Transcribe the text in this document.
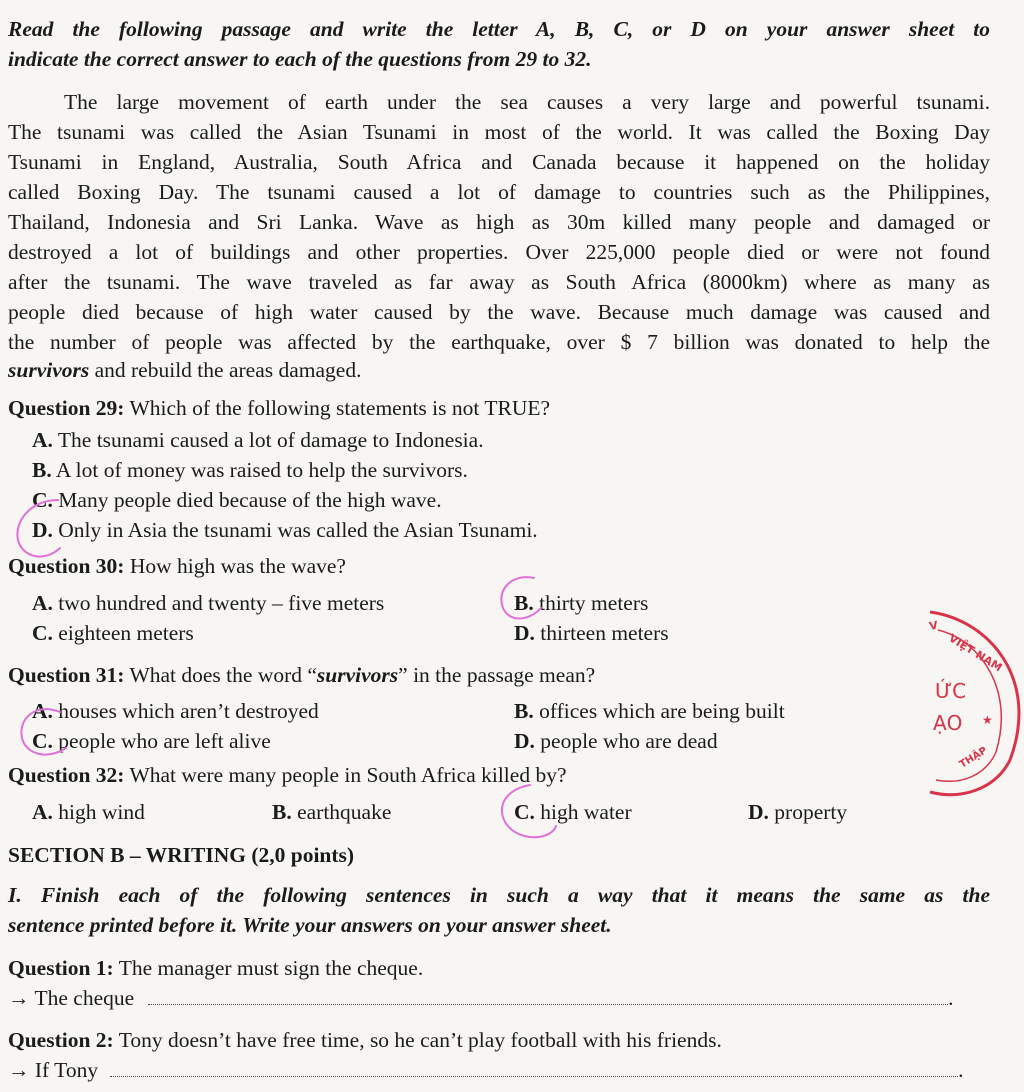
Read the following passage and write the letter A, B, C, or D on your answer sheet to
indicate the correct answer to each of the questions from 29 to 32.
The large movement of earth under the sea causes a very large and powerful tsunami.
The tsunami was called the Asian Tsunami in most of the world. It was called the Boxing Day
Tsunami in England, Australia, South Africa and Canada because it happened on the holiday
called Boxing Day. The tsunami caused a lot of damage to countries such as the Philippines,
Thailand, Indonesia and Sri Lanka. Wave as high as 30m killed many people and damaged or
destroyed a lot of buildings and other properties. Over 225,000 people died or were not found
after the tsunami. The wave traveled as far away as South Africa (8000km) where as many as
people died because of high water caused by the wave. Because much damage was caused and
the number of people was affected by the earthquake, over $ 7 billion was donated to help the
survivors and rebuild the areas damaged.
Question 29: Which of the following statements is not TRUE?
A. The tsunami caused a lot of damage to Indonesia.
B. A lot of money was raised to help the survivors.
C. Many people died because of the high wave.
D. Only in Asia the tsunami was called the Asian Tsunami.
Question 30: How high was the wave?
A. two hundred and twenty – five meters	B. thirty meters
C. eighteen meters	D. thirteen meters
Question 31: What does the word “survivors” in the passage mean?
A. houses which aren’t destroyed	B. offices which are being built
C. people who are left alive	D. people who are dead
Question 32: What were many people in South Africa killed by?
A. high wind	B. earthquake	C. high water	D. property
SECTION B – WRITING (2,0 points)
I. Finish each of the following sentences in such a way that it means the same as the
sentence printed before it. Write your answers on your answer sheet.
Question 1: The manager must sign the cheque.
→ The cheque	.
Question 2: Tony doesn’t have free time, so he can’t play football with his friends.
→ If Tony	.
V
VIỆT NAM
THẬP
ỨC
ẠO ★
